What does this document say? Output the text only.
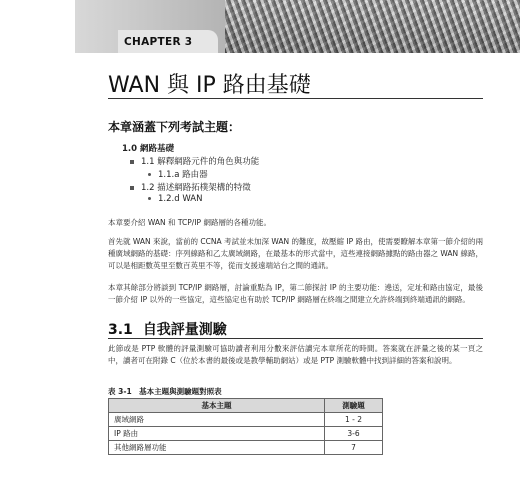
CHAPTER 3
WAN 與 IP 路由基礎
本章涵蓋下列考試主題：
1.0 網路基礎
1.1 解釋網路元件的角色與功能
1.1.a 路由器
1.2 描述網路拓樸架構的特徵
1.2.d WAN

本章要介紹 WAN 和 TCP/IP 網路層的各種功能。

首先就 WAN 來說，當前的 CCNA 考試並未加深 WAN 的難度，故壓縮 IP 路由，使需要瞭解本章第一節介紹的兩種廣域網路的基礎：序列線路和乙太廣域網路，在最基本的形式當中，這些連接網路據點的路由器之 WAN 線路，可以是相距數英里至數百英里不等，從而支援遠端站台之間的通訊。

本章其餘部分將談到 TCP/IP 網路層，討論重點為 IP，第二節探討 IP 的主要功能：遶送，定址和路由協定，最後一節介紹 IP 以外的一些協定，這些協定也有助於 TCP/IP 網路層在終端之間建立允許終端到終端通訊的網路。

3.1 自我評量測驗

此節或是 PTP 軟體的評量測驗可協助讀者利用分數來評估讀完本章所花的時間。答案就在評量之後的某一頁之中，讀者可在附錄 C（位於本書的最後或是教學輔助網站）或是 PTP 測驗軟體中找到詳細的答案和說明。

表 3-1　基本主題與測驗題對照表
基本主題	測驗題
廣域網路	1 - 2
IP 路由	3-6
其他網路層功能	7
